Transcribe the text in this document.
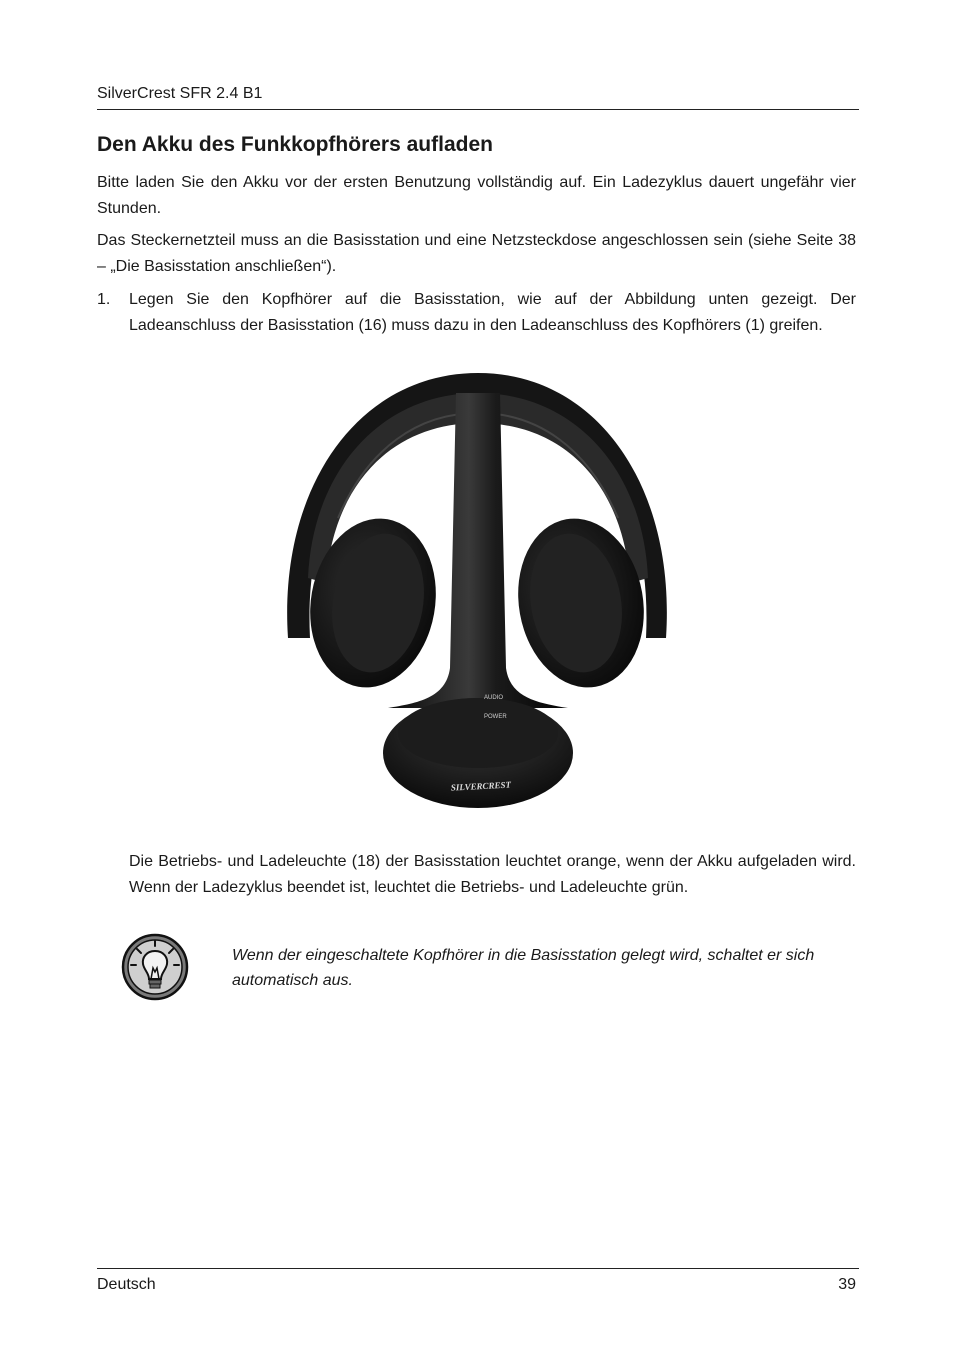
SilverCrest SFR 2.4 B1
Den Akku des Funkkopfhörers aufladen

Bitte laden Sie den Akku vor der ersten Benutzung vollständig auf. Ein Ladezyklus dauert ungefähr vier Stunden.

Das Steckernetzteil muss an die Basisstation und eine Netzsteckdose angeschlossen sein (siehe Seite 38 – „Die Basisstation anschließen“).

1. Legen Sie den Kopfhörer auf die Basisstation, wie auf der Abbildung unten gezeigt. Der Ladeanschluss der Basisstation (16) muss dazu in den Ladeanschluss des Kopfhörers (1) greifen.

AUDIO
POWER
SILVERCREST

Die Betriebs- und Ladeleuchte (18) der Basisstation leuchtet orange, wenn der Akku aufgeladen wird. Wenn der Ladezyklus beendet ist, leuchtet die Betriebs- und Ladeleuchte grün.

Wenn der eingeschaltete Kopfhörer in die Basisstation gelegt wird, schaltet er sich automatisch aus.

Deutsch	39
